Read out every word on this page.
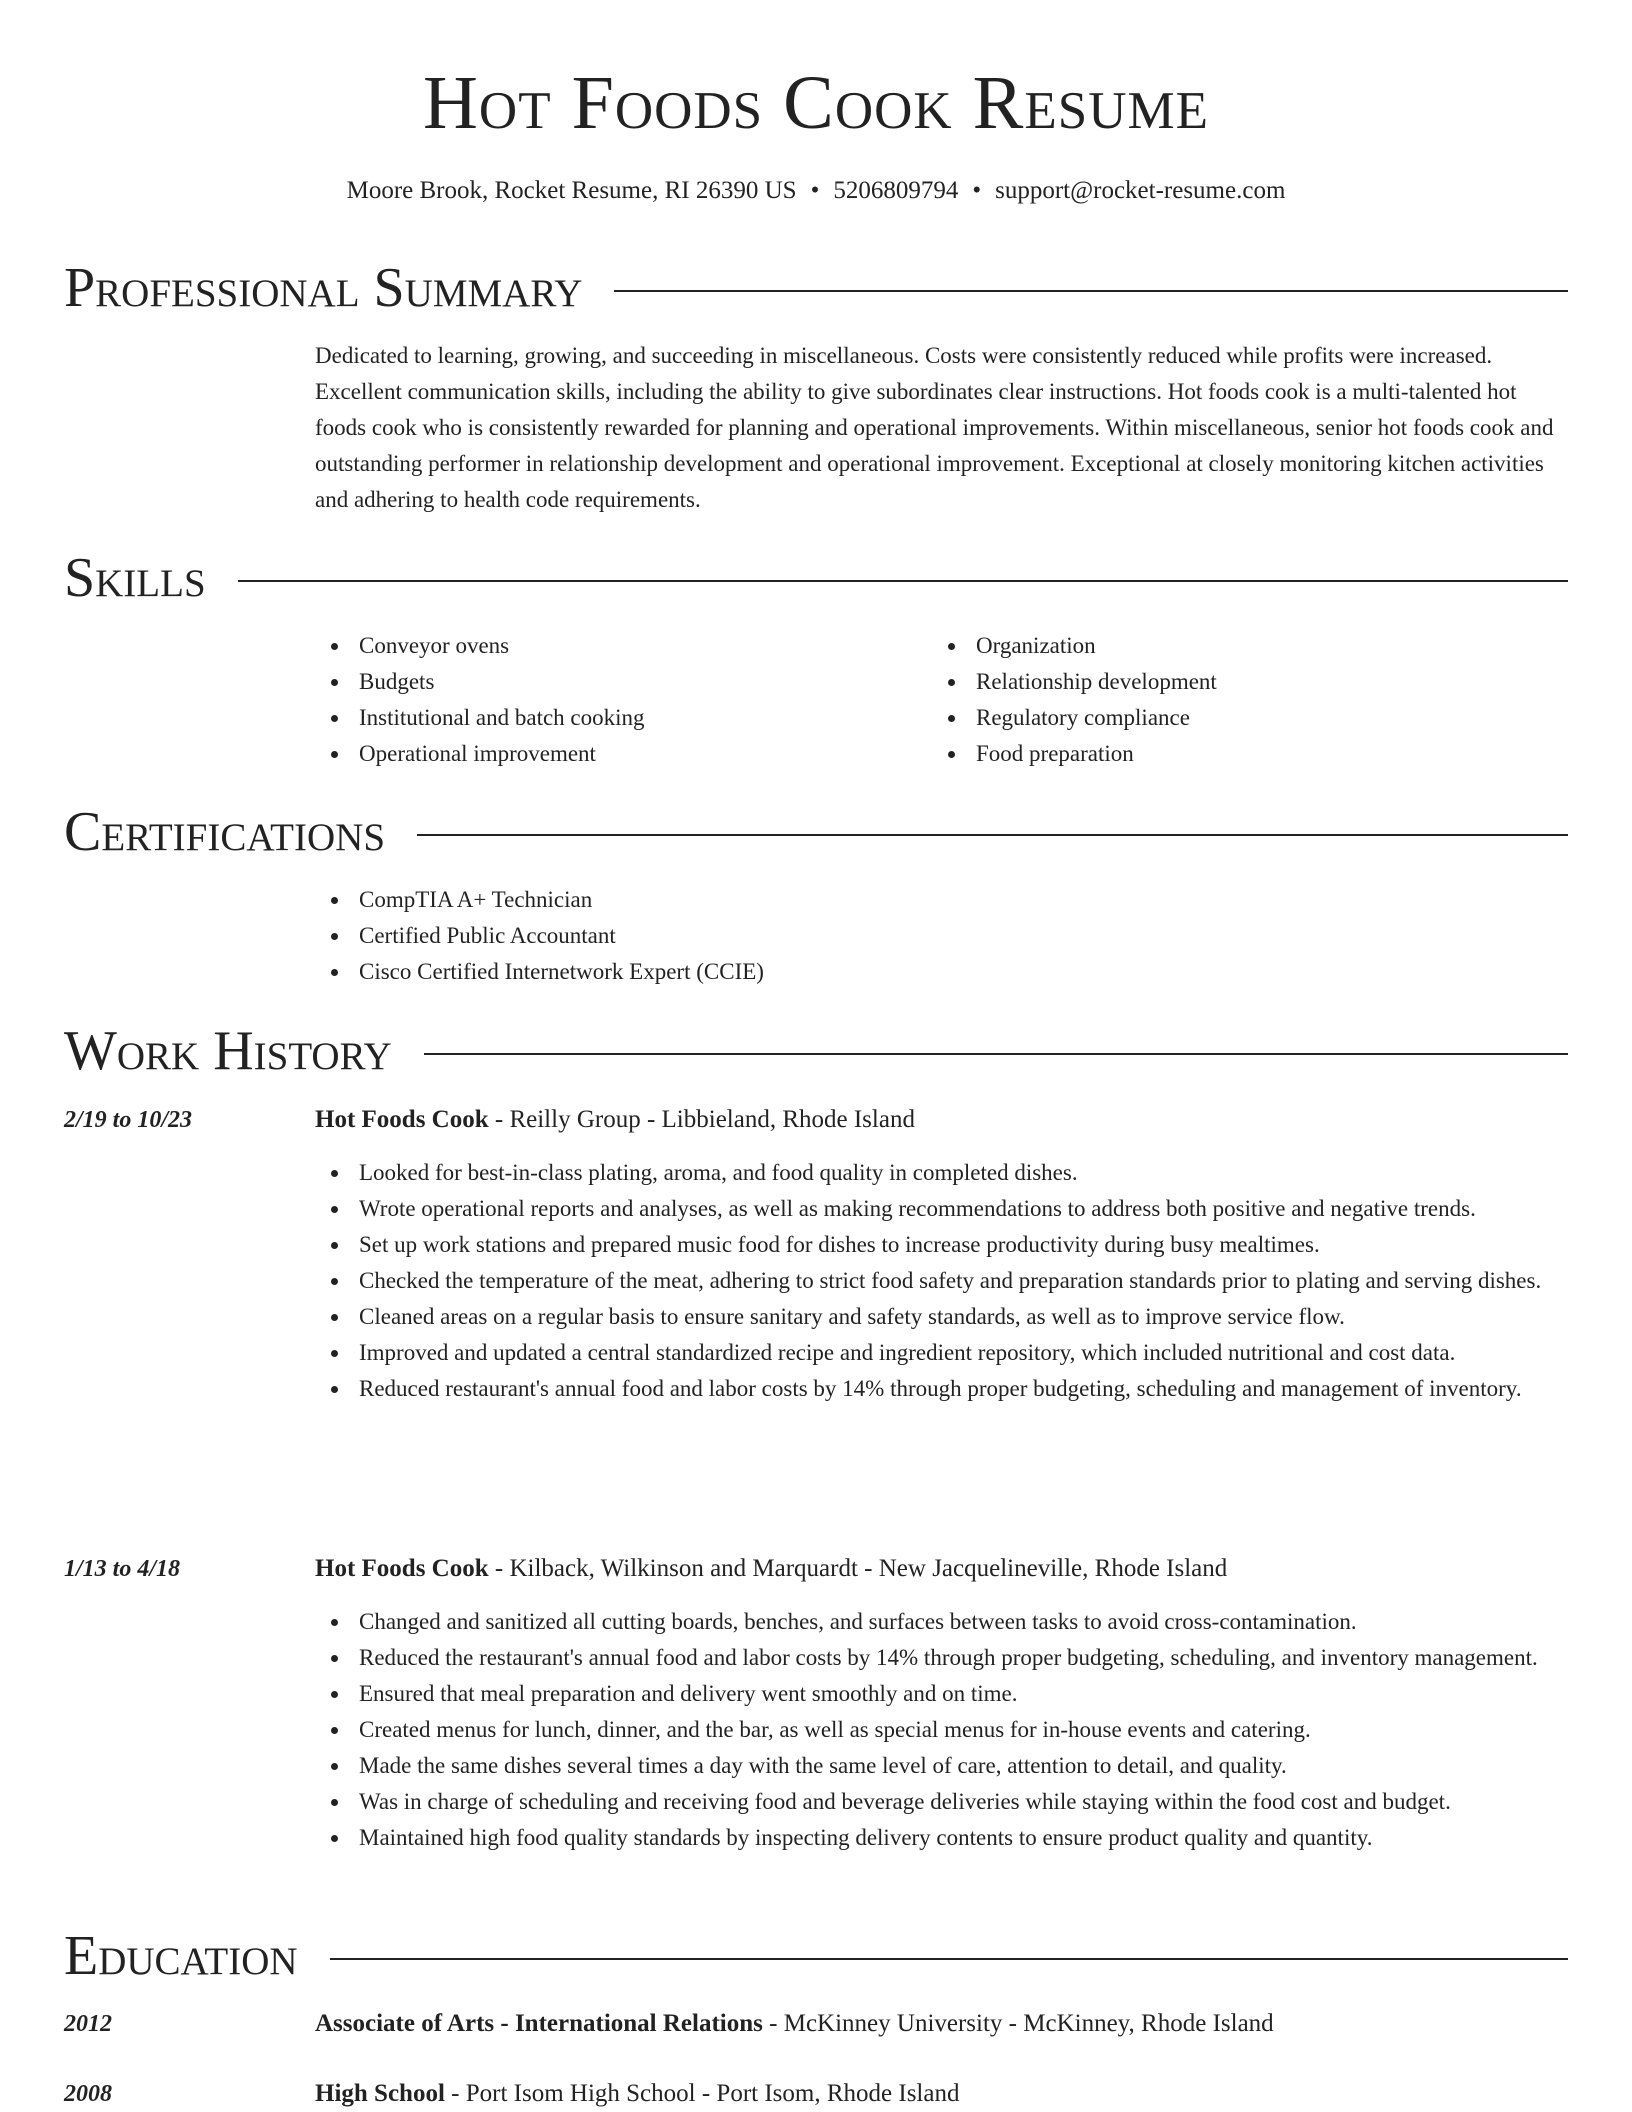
Hot Foods Cook Resume
Moore Brook, Rocket Resume, RI 26390 US • 5206809794 • support@rocket-resume.com
Professional Summary
Dedicated to learning, growing, and succeeding in miscellaneous. Costs were consistently reduced while profits were increased. Excellent communication skills, including the ability to give subordinates clear instructions. Hot foods cook is a multi-talented hot foods cook who is consistently rewarded for planning and operational improvements. Within miscellaneous, senior hot foods cook and outstanding performer in relationship development and operational improvement. Exceptional at closely monitoring kitchen activities and adhering to health code requirements.
Skills
Conveyor ovens
Budgets
Institutional and batch cooking
Operational improvement
Organization
Relationship development
Regulatory compliance
Food preparation
Certifications
CompTIA A+ Technician
Certified Public Accountant
Cisco Certified Internetwork Expert (CCIE)
Work History
2/19 to 10/23	Hot Foods Cook - Reilly Group - Libbieland, Rhode Island
Looked for best-in-class plating, aroma, and food quality in completed dishes.
Wrote operational reports and analyses, as well as making recommendations to address both positive and negative trends.
Set up work stations and prepared music food for dishes to increase productivity during busy mealtimes.
Checked the temperature of the meat, adhering to strict food safety and preparation standards prior to plating and serving dishes.
Cleaned areas on a regular basis to ensure sanitary and safety standards, as well as to improve service flow.
Improved and updated a central standardized recipe and ingredient repository, which included nutritional and cost data.
Reduced restaurant's annual food and labor costs by 14% through proper budgeting, scheduling and management of inventory.
1/13 to 4/18	Hot Foods Cook - Kilback, Wilkinson and Marquardt - New Jacquelineville, Rhode Island
Changed and sanitized all cutting boards, benches, and surfaces between tasks to avoid cross-contamination.
Reduced the restaurant's annual food and labor costs by 14% through proper budgeting, scheduling, and inventory management.
Ensured that meal preparation and delivery went smoothly and on time.
Created menus for lunch, dinner, and the bar, as well as special menus for in-house events and catering.
Made the same dishes several times a day with the same level of care, attention to detail, and quality.
Was in charge of scheduling and receiving food and beverage deliveries while staying within the food cost and budget.
Maintained high food quality standards by inspecting delivery contents to ensure product quality and quantity.
Education
2012	Associate of Arts - International Relations - McKinney University - McKinney, Rhode Island
2008	High School - Port Isom High School - Port Isom, Rhode Island
